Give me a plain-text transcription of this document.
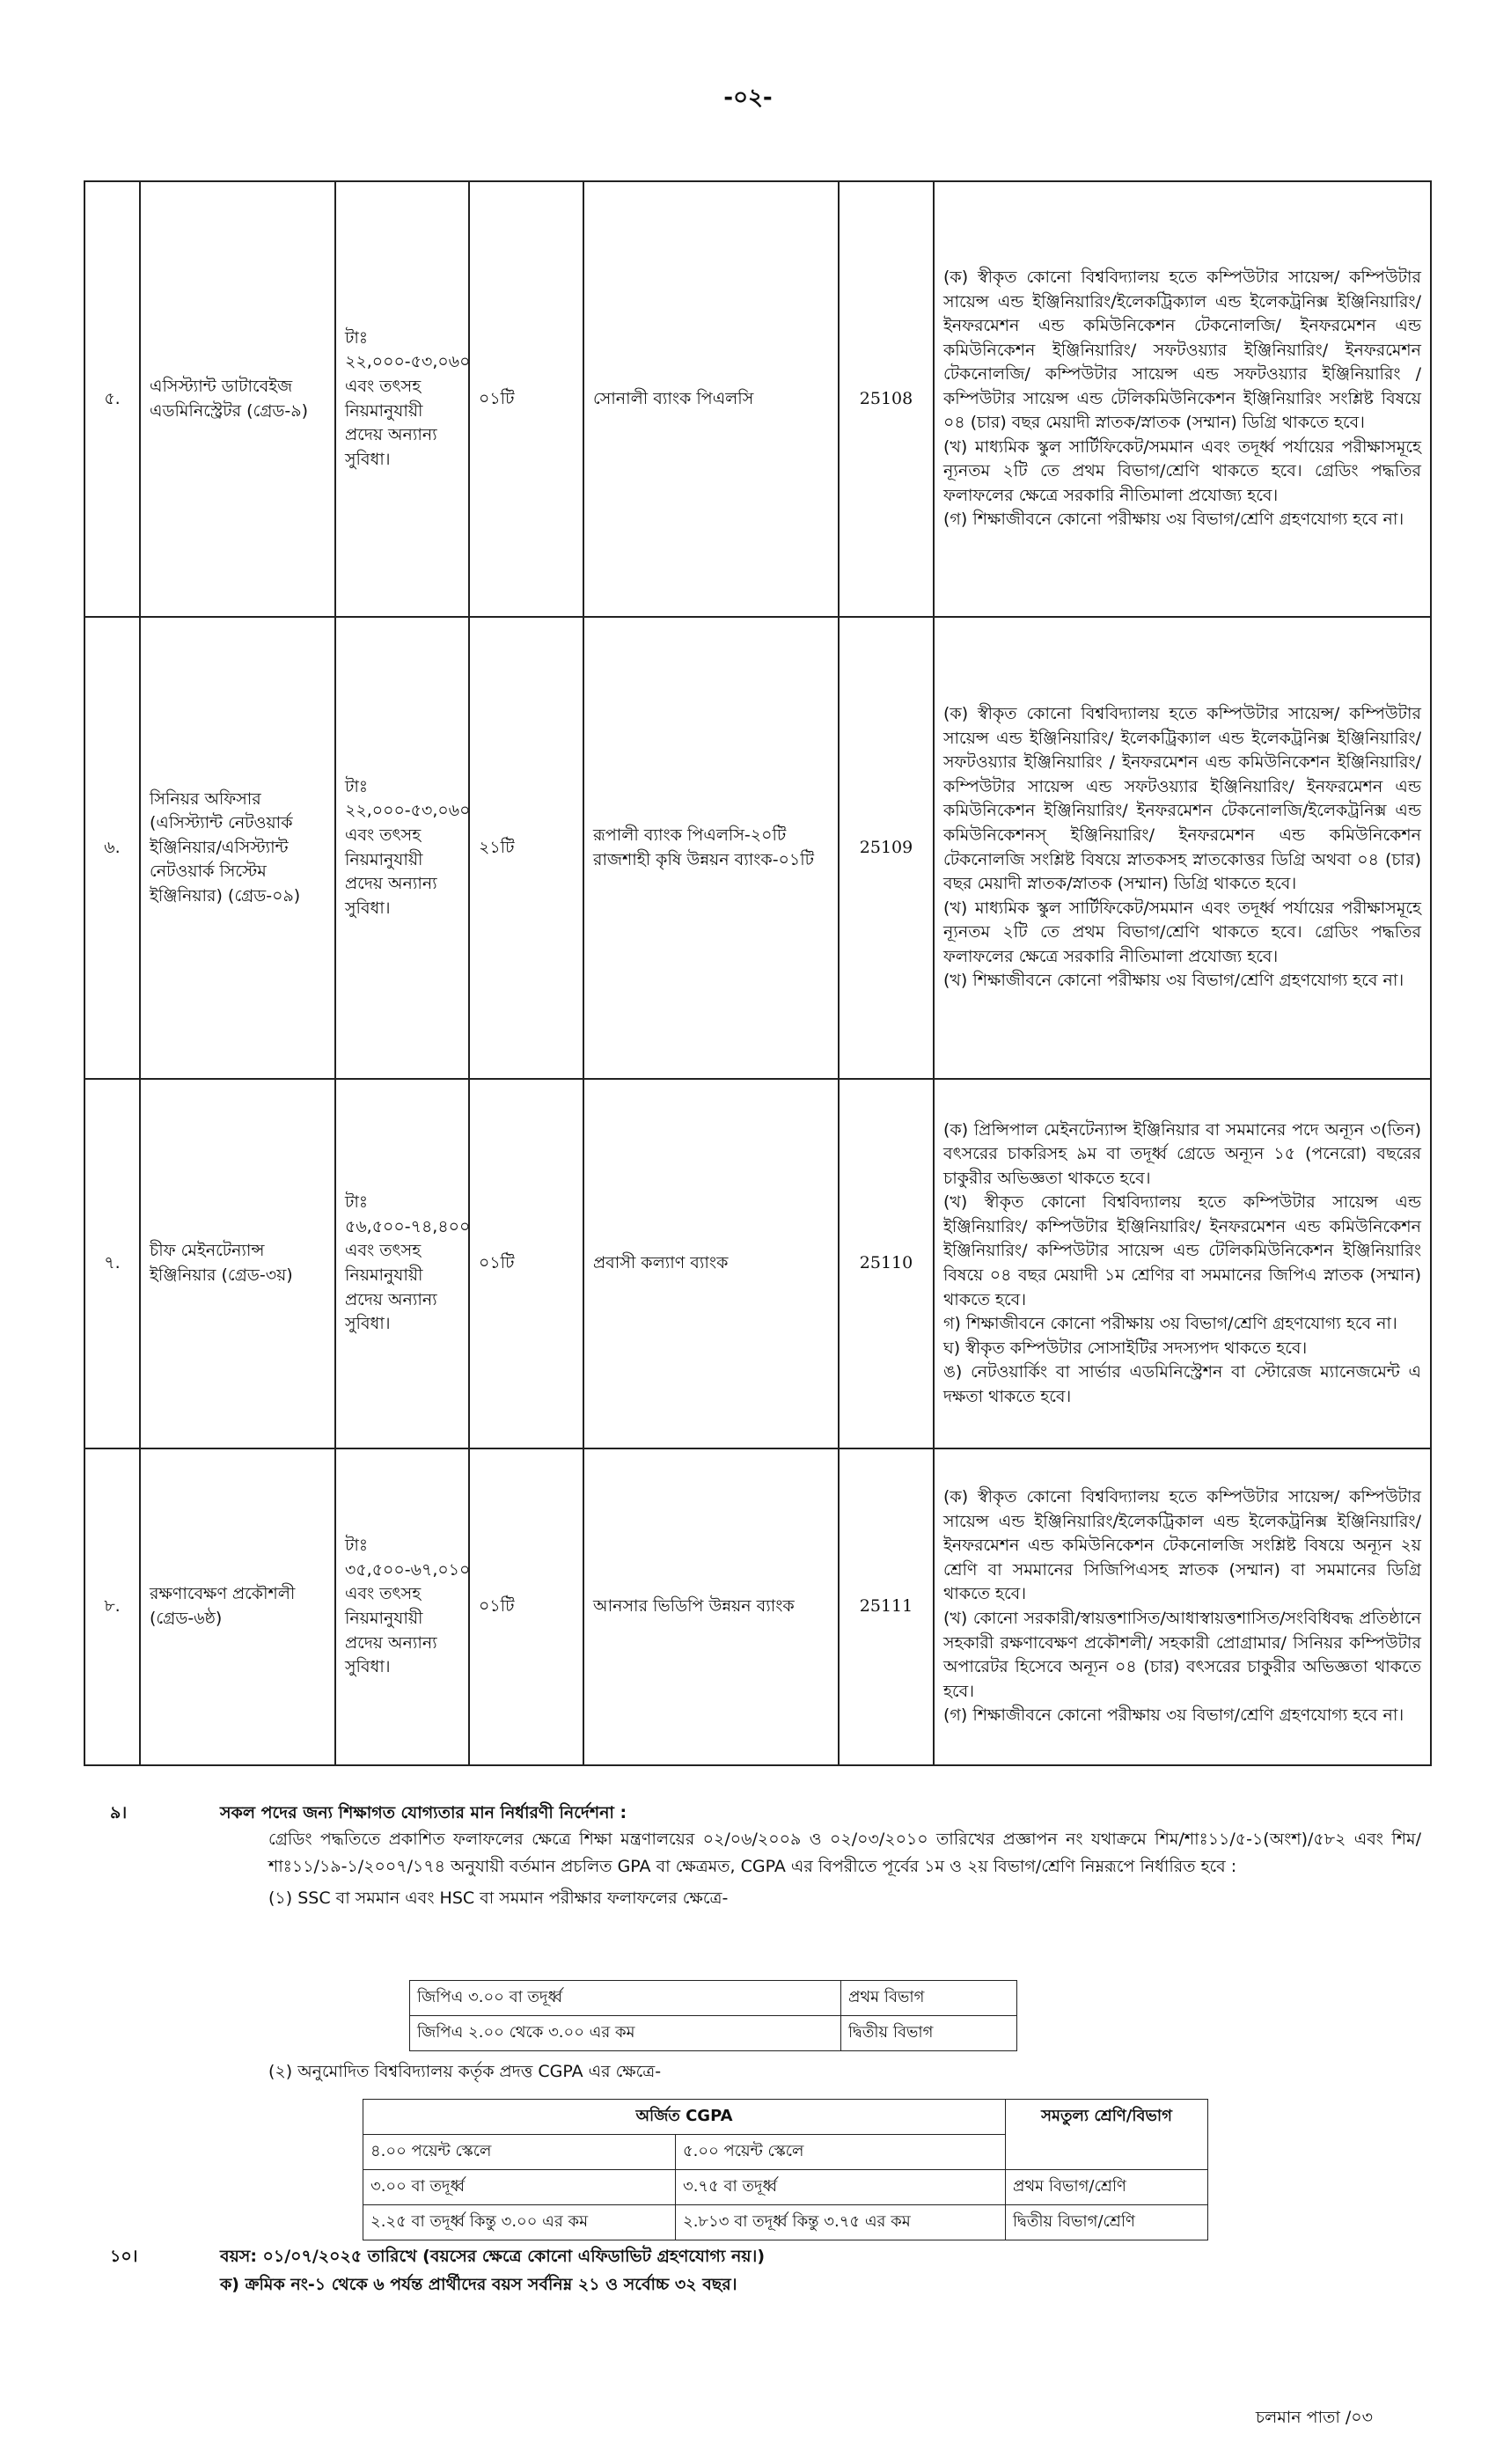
-০২-
৫.	এসিস্ট্যান্ট ডাটাবেইজ এডমিনিস্ট্রেটর (গ্রেড-৯)	টাঃ ২২,০০০-৫৩,০৬০ এবং তৎসহ নিয়মানুযায়ী প্রদেয় অন্যান্য সুবিধা।	০১টি	সোনালী ব্যাংক পিএলসি	25108	(ক) স্বীকৃত কোনো বিশ্ববিদ্যালয় হতে কম্পিউটার সায়েন্স/ কম্পিউটার সায়েন্স এন্ড ইঞ্জিনিয়ারিং/ইলেকট্রিক্যাল এন্ড ইলেকট্রনিক্স ইঞ্জিনিয়ারিং/ ইনফরমেশন এন্ড কমিউনিকেশন টেকনোলজি/ ইনফরমেশন এন্ড কমিউনিকেশন ইঞ্জিনিয়ারিং/ সফটওয়্যার ইঞ্জিনিয়ারিং/ ইনফরমেশন টেকনোলজি/ কম্পিউটার সায়েন্স এন্ড সফটওয়্যার ইঞ্জিনিয়ারিং /কম্পিউটার সায়েন্স এন্ড টেলিকমিউনিকেশন ইঞ্জিনিয়ারিং সংশ্লিষ্ট বিষয়ে ০৪ (চার) বছর মেয়াদী স্নাতক/স্নাতক (সম্মান) ডিগ্রি থাকতে হবে।
(খ) মাধ্যমিক স্কুল সার্টিফিকেট/সমমান এবং তদূর্ধ্ব পর্যায়ের পরীক্ষাসমূহে ন্যূনতম ২টি তে প্রথম বিভাগ/শ্রেণি থাকতে হবে। গ্রেডিং পদ্ধতির ফলাফলের ক্ষেত্রে সরকারি নীতিমালা প্রযোজ্য হবে।
(গ) শিক্ষাজীবনে কোনো পরীক্ষায় ৩য় বিভাগ/শ্রেণি গ্রহণযোগ্য হবে না।

৬.	সিনিয়র অফিসার (এসিস্ট্যান্ট নেটওয়ার্ক ইঞ্জিনিয়ার/এসিস্ট্যান্ট নেটওয়ার্ক সিস্টেম ইঞ্জিনিয়ার) (গ্রেড-০৯)	টাঃ ২২,০০০-৫৩,০৬০ এবং তৎসহ নিয়মানুযায়ী প্রদেয় অন্যান্য সুবিধা।	২১টি	রূপালী ব্যাংক পিএলসি-২০টি রাজশাহী কৃষি উন্নয়ন ব্যাংক-০১টি	25109	(ক) স্বীকৃত কোনো বিশ্ববিদ্যালয় হতে কম্পিউটার সায়েন্স/ কম্পিউটার সায়েন্স এন্ড ইঞ্জিনিয়ারিং/ ইলেকট্রিক্যাল এন্ড ইলেকট্রনিক্স ইঞ্জিনিয়ারিং/ সফটওয়্যার ইঞ্জিনিয়ারিং / ইনফরমেশন এন্ড কমিউনিকেশন ইঞ্জিনিয়ারিং/ কম্পিউটার সায়েন্স এন্ড সফটওয়্যার ইঞ্জিনিয়ারিং/ ইনফরমেশন এন্ড কমিউনিকেশন ইঞ্জিনিয়ারিং/ ইনফরমেশন টেকনোলজি/ইলেকট্রনিক্স এন্ড কমিউনিকেশনস্ ইঞ্জিনিয়ারিং/ ইনফরমেশন এন্ড কমিউনিকেশন টেকনোলজি সংশ্লিষ্ট বিষয়ে স্নাতকসহ স্নাতকোত্তর ডিগ্রি অথবা ০৪ (চার) বছর মেয়াদী স্নাতক/স্নাতক (সম্মান) ডিগ্রি থাকতে হবে।
(খ) মাধ্যমিক স্কুল সার্টিফিকেট/সমমান এবং তদূর্ধ্ব পর্যায়ের পরীক্ষাসমূহে ন্যূনতম ২টি তে প্রথম বিভাগ/শ্রেণি থাকতে হবে। গ্রেডিং পদ্ধতির ফলাফলের ক্ষেত্রে সরকারি নীতিমালা প্রযোজ্য হবে।
(খ) শিক্ষাজীবনে কোনো পরীক্ষায় ৩য় বিভাগ/শ্রেণি গ্রহণযোগ্য হবে না।

৭.	চীফ মেইনটেন্যান্স ইঞ্জিনিয়ার (গ্রেড-৩য়)	টাঃ ৫৬,৫০০-৭৪,৪০০ এবং তৎসহ নিয়মানুযায়ী প্রদেয় অন্যান্য সুবিধা।	০১টি	প্রবাসী কল্যাণ ব্যাংক	25110	(ক) প্রিন্সিপাল মেইনটেন্যান্স ইঞ্জিনিয়ার বা সমমানের পদে অন্যূন ৩(তিন) বৎসরের চাকরিসহ ৯ম বা তদূর্ধ্ব গ্রেডে অন্যূন ১৫ (পনেরো) বছরের চাকুরীর অভিজ্ঞতা থাকতে হবে।
(খ) স্বীকৃত কোনো বিশ্ববিদ্যালয় হতে কম্পিউটার সায়েন্স এন্ড ইঞ্জিনিয়ারিং/ কম্পিউটার ইঞ্জিনিয়ারিং/ ইনফরমেশন এন্ড কমিউনিকেশন ইঞ্জিনিয়ারিং/ কম্পিউটার সায়েন্স এন্ড টেলিকমিউনিকেশন ইঞ্জিনিয়ারিং বিষয়ে ০৪ বছর মেয়াদী ১ম শ্রেণির বা সমমানের জিপিএ স্নাতক (সম্মান) থাকতে হবে।
গ) শিক্ষাজীবনে কোনো পরীক্ষায় ৩য় বিভাগ/শ্রেণি গ্রহণযোগ্য হবে না।
ঘ) স্বীকৃত কম্পিউটার সোসাইটির সদস্যপদ থাকতে হবে।
ঙ) নেটওয়ার্কিং বা সার্ভার এডমিনিস্ট্রেশন বা স্টোরেজ ম্যানেজমেন্ট এ দক্ষতা থাকতে হবে।

৮.	রক্ষণাবেক্ষণ প্রকৌশলী (গ্রেড-৬ষ্ঠ)	টাঃ ৩৫,৫০০-৬৭,০১০ এবং তৎসহ নিয়মানুযায়ী প্রদেয় অন্যান্য সুবিধা।	০১টি	আনসার ভিডিপি উন্নয়ন ব্যাংক	25111	(ক) স্বীকৃত কোনো বিশ্ববিদ্যালয় হতে কম্পিউটার সায়েন্স/ কম্পিউটার সায়েন্স এন্ড ইঞ্জিনিয়ারিং/ইলেকট্রিকাল এন্ড ইলেকট্রনিক্স ইঞ্জিনিয়ারিং/ইনফরমেশন এন্ড কমিউনিকেশন টেকনোলজি সংশ্লিষ্ট বিষয়ে অন্যূন ২য় শ্রেণি বা সমমানের সিজিপিএসহ স্নাতক (সম্মান) বা সমমানের ডিগ্রি থাকতে হবে।
(খ) কোনো সরকারী/স্বায়ত্তশাসিত/আধাস্বায়ত্তশাসিত/সংবিধিবদ্ধ প্রতিষ্ঠানে সহকারী রক্ষণাবেক্ষণ প্রকৌশলী/ সহকারী প্রোগ্রামার/ সিনিয়র কম্পিউটার অপারেটর হিসেবে অন্যূন ০৪ (চার) বৎসরের চাকুরীর অভিজ্ঞতা থাকতে হবে।
(গ) শিক্ষাজীবনে কোনো পরীক্ষায় ৩য় বিভাগ/শ্রেণি গ্রহণযোগ্য হবে না।
৯।	সকল পদের জন্য শিক্ষাগত যোগ্যতার মান নির্ধারণী নির্দেশনা :
গ্রেডিং পদ্ধতিতে প্রকাশিত ফলাফলের ক্ষেত্রে শিক্ষা মন্ত্রণালয়ের ০২/০৬/২০০৯ ও ০২/০৩/২০১০ তারিখের প্রজ্ঞাপন নং যথাক্রমে শিম/শাঃ১১/৫-১(অংশ)/৫৮২ এবং শিম/শাঃ১১/১৯-১/২০০৭/১৭৪ অনুযায়ী বর্তমান প্রচলিত GPA বা ক্ষেত্রমত, CGPA এর বিপরীতে পূর্বের ১ম ও ২য় বিভাগ/শ্রেণি নিম্নরূপে নির্ধারিত হবে :
(১) SSC বা সমমান এবং HSC বা সমমান পরীক্ষার ফলাফলের ক্ষেত্রে-
জিপিএ ৩.০০ বা তদূর্ধ্ব	প্রথম বিভাগ
জিপিএ ২.০০ থেকে ৩.০০ এর কম	দ্বিতীয় বিভাগ
(২) অনুমোদিত বিশ্ববিদ্যালয় কর্তৃক প্রদত্ত CGPA এর ক্ষেত্রে-
অর্জিত CGPA		সমতুল্য শ্রেণি/বিভাগ
৪.০০ পয়েন্ট স্কেলে	৫.০০ পয়েন্ট স্কেলে	
৩.০০ বা তদূর্ধ্ব	৩.৭৫ বা তদূর্ধ্ব	প্রথম বিভাগ/শ্রেণি
২.২৫ বা তদূর্ধ্ব কিন্তু ৩.০০ এর কম	২.৮১৩ বা তদূর্ধ্ব কিন্তু ৩.৭৫ এর কম	দ্বিতীয় বিভাগ/শ্রেণি
১০।	বয়স: ০১/০৭/২০২৫ তারিখে (বয়সের ক্ষেত্রে কোনো এফিডাভিট গ্রহণযোগ্য নয়।)
ক) ক্রমিক নং-১ থেকে ৬ পর্যন্ত প্রার্থীদের বয়স সর্বনিম্ন ২১ ও সর্বোচ্চ ৩২ বছর।
চলমান পাতা /০৩
